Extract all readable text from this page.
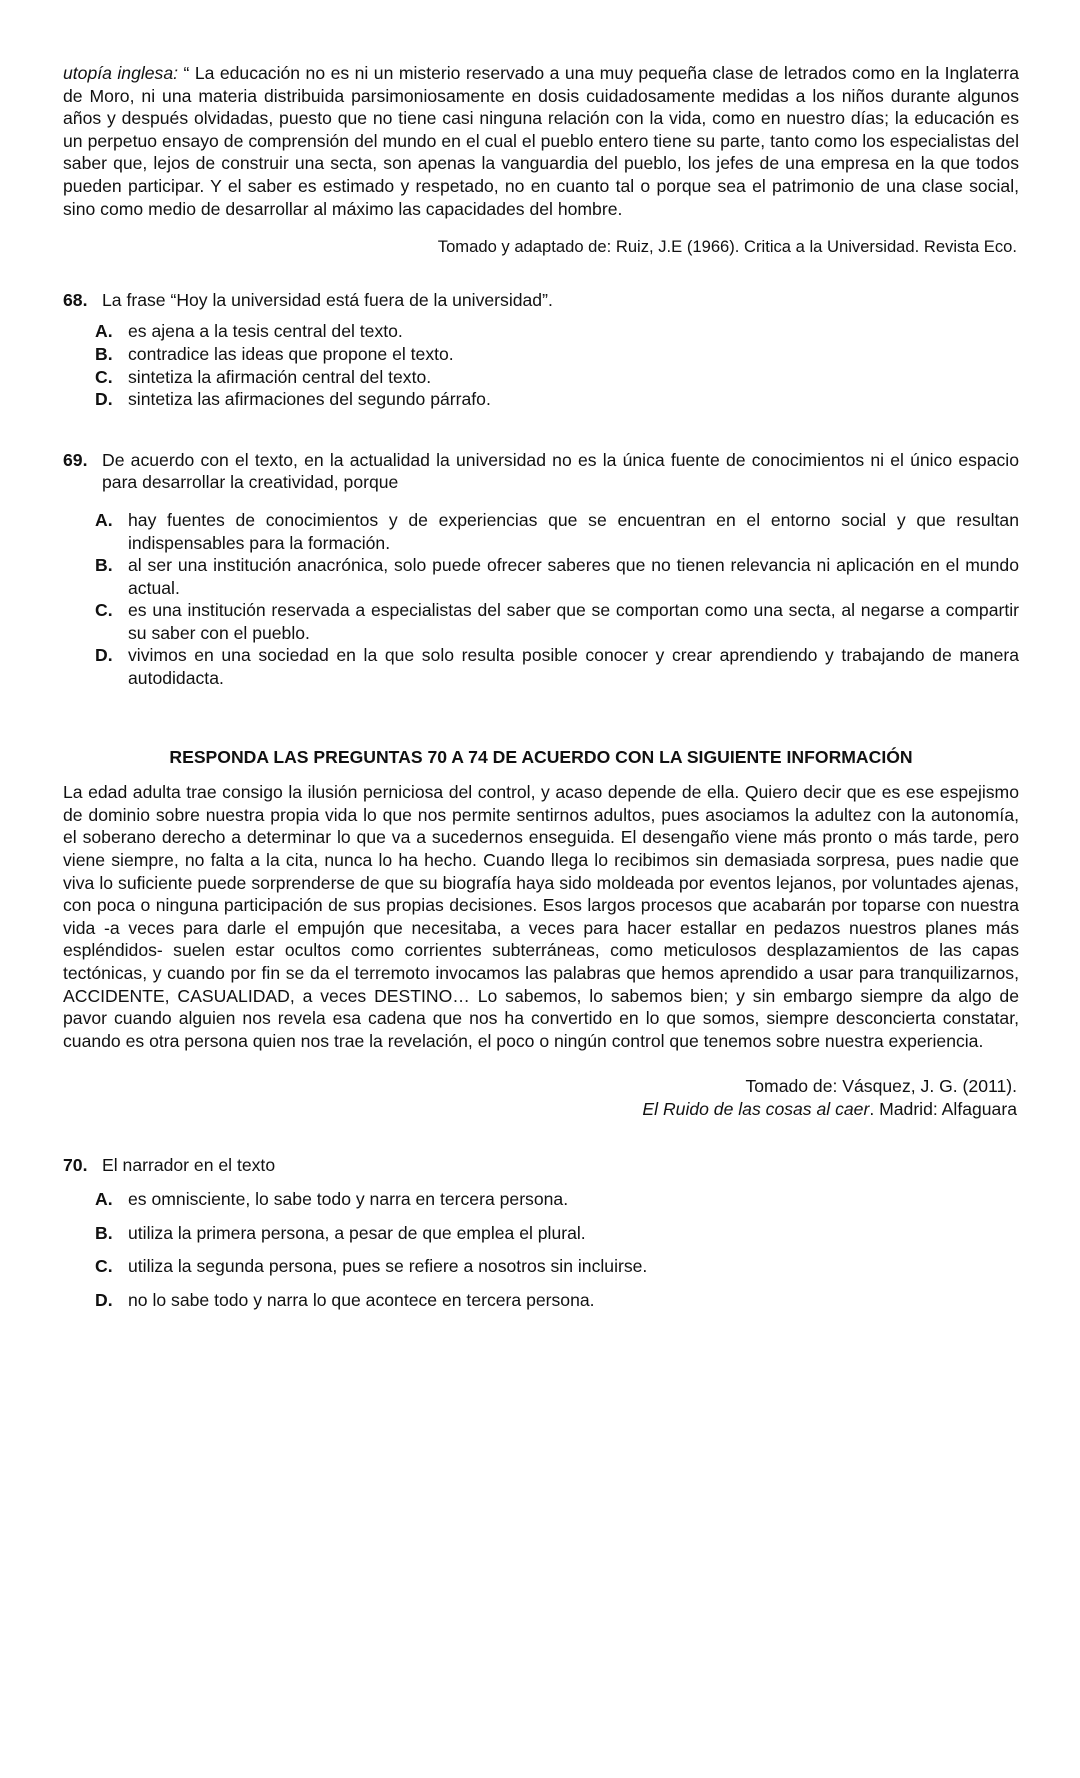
utopía inglesa: “ La educación no es ni un misterio reservado a una muy pequeña clase de letrados como en la Inglaterra de Moro, ni una materia distribuida parsimoniosamente en dosis cuidadosamente medidas a los niños durante algunos años y después olvidadas, puesto que no tiene casi ninguna relación con la vida, como en nuestro días; la educación es un perpetuo ensayo de comprensión del mundo en el cual el pueblo entero tiene su parte, tanto como los especialistas del saber que, lejos de construir una secta, son apenas la vanguardia del pueblo, los jefes de una empresa en la que todos pueden participar. Y el saber es estimado y respetado, no en cuanto tal o porque sea el patrimonio de una clase social, sino como medio de desarrollar al máximo las capacidades del hombre.

Tomado y adaptado de: Ruiz, J.E (1966). Critica a la Universidad. Revista Eco.

68. La frase “Hoy la universidad está fuera de la universidad”.

A. es ajena a la tesis central del texto.
B. contradice las ideas que propone el texto.
C. sintetiza la afirmación central del texto.
D. sintetiza las afirmaciones del segundo párrafo.

69. De acuerdo con el texto, en la actualidad la universidad no es la única fuente de conocimientos ni el único espacio para desarrollar la creatividad, porque

A. hay fuentes de conocimientos y de experiencias que se encuentran en el entorno social y que resultan indispensables para la formación.
B. al ser una institución anacrónica, solo puede ofrecer saberes que no tienen relevancia ni aplicación en el mundo actual.
C. es una institución reservada a especialistas del saber que se comportan como una secta, al negarse a compartir su saber con el pueblo.
D. vivimos en una sociedad en la que solo resulta posible conocer y crear aprendiendo y trabajando de manera autodidacta.

RESPONDA LAS PREGUNTAS 70 A 74 DE ACUERDO CON LA SIGUIENTE INFORMACIÓN

La edad adulta trae consigo la ilusión perniciosa del control, y acaso depende de ella. Quiero decir que es ese espejismo de dominio sobre nuestra propia vida lo que nos permite sentirnos adultos, pues asociamos la adultez con la autonomía, el soberano derecho a determinar lo que va a sucedernos enseguida. El desengaño viene más pronto o más tarde, pero viene siempre, no falta a la cita, nunca lo ha hecho. Cuando llega lo recibimos sin demasiada sorpresa, pues nadie que viva lo suficiente puede sorprenderse de que su biografía haya sido moldeada por eventos lejanos, por voluntades ajenas, con poca o ninguna participación de sus propias decisiones. Esos largos procesos que acabarán por toparse con nuestra vida -a veces para darle el empujón que necesitaba, a veces para hacer estallar en pedazos nuestros planes más espléndidos- suelen estar ocultos como corrientes subterráneas, como meticulosos desplazamientos de las capas tectónicas, y cuando por fin se da el terremoto invocamos las palabras que hemos aprendido a usar para tranquilizarnos, ACCIDENTE, CASUALIDAD, a veces DESTINO… Lo sabemos, lo sabemos bien; y sin embargo siempre da algo de pavor cuando alguien nos revela esa cadena que nos ha convertido en lo que somos, siempre desconcierta constatar, cuando es otra persona quien nos trae la revelación, el poco o ningún control que tenemos sobre nuestra experiencia.

Tomado de: Vásquez, J. G. (2011).
El Ruido de las cosas al caer. Madrid: Alfaguara

70. El narrador en el texto

A. es omnisciente, lo sabe todo y narra en tercera persona.
B. utiliza la primera persona, a pesar de que emplea el plural.
C. utiliza la segunda persona, pues se refiere a nosotros sin incluirse.
D. no lo sabe todo y narra lo que acontece en tercera persona.
